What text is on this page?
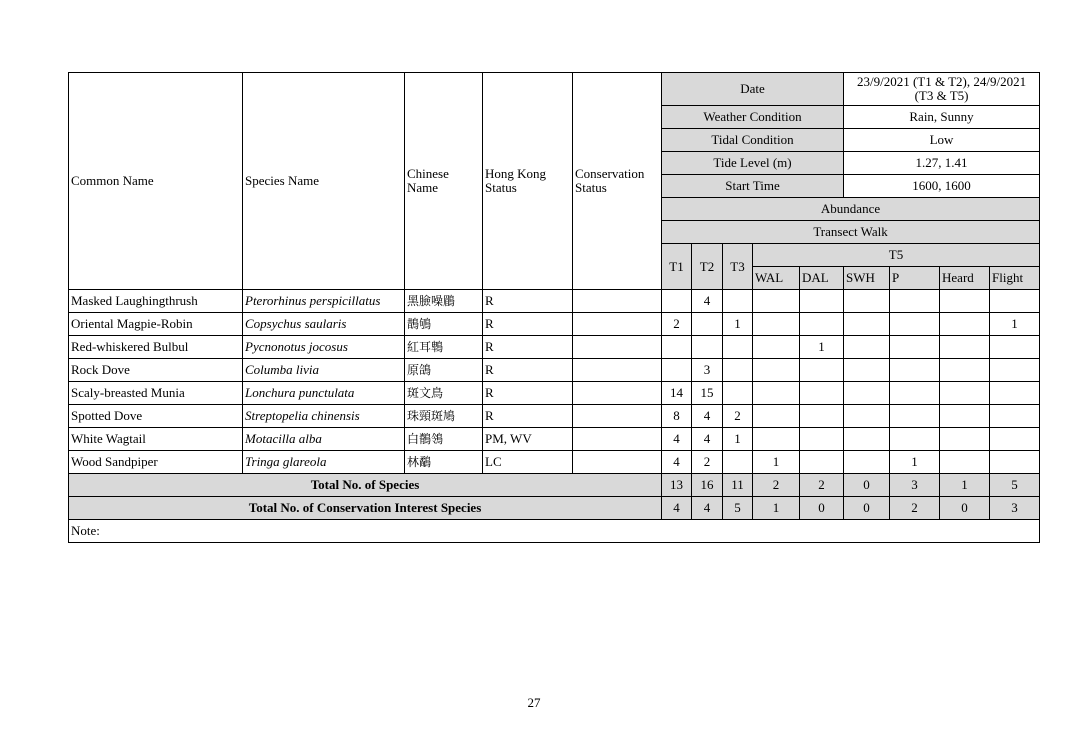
Common Name	Species Name	Chinese Name	Hong Kong Status	Conservation Status	Date					23/9/2021 (T1 & T2), 24/9/2021 (T3 & T5)			
					Weather Condition					Rain, Sunny			
					Tidal Condition					Low			
					Tide Level (m)					1.27, 1.41			
					Start Time					1600, 1600			
					Abundance								
					Transect Walk								
					T1	T2	T3	T5					
								WAL	DAL	SWH	P	Heard	Flight
Masked Laughingthrush	Pterorhinus perspicillatus	黑臉噪鶥	R			4							
Oriental Magpie-Robin	Copsychus saularis	鵲鴝	R		2		1						1
Red-whiskered Bulbul	Pycnonotus jocosus	紅耳鵯	R						1				
Rock Dove	Columba livia	原鴿	R			3							
Scaly-breasted Munia	Lonchura punctulata	斑文鳥	R		14	15							
Spotted Dove	Streptopelia chinensis	珠頸斑鳩	R		8	4	2						
White Wagtail	Motacilla alba	白鶺鴒	PM, WV		4	4	1						
Wood Sandpiper	Tringa glareola	林鷸	LC		4	2		1			1		
Total No. of Species					13	16	11	2	2	0	3	1	5
Total No. of Conservation Interest Species					4	4	5	1	0	0	2	0	3
Note:													
27
